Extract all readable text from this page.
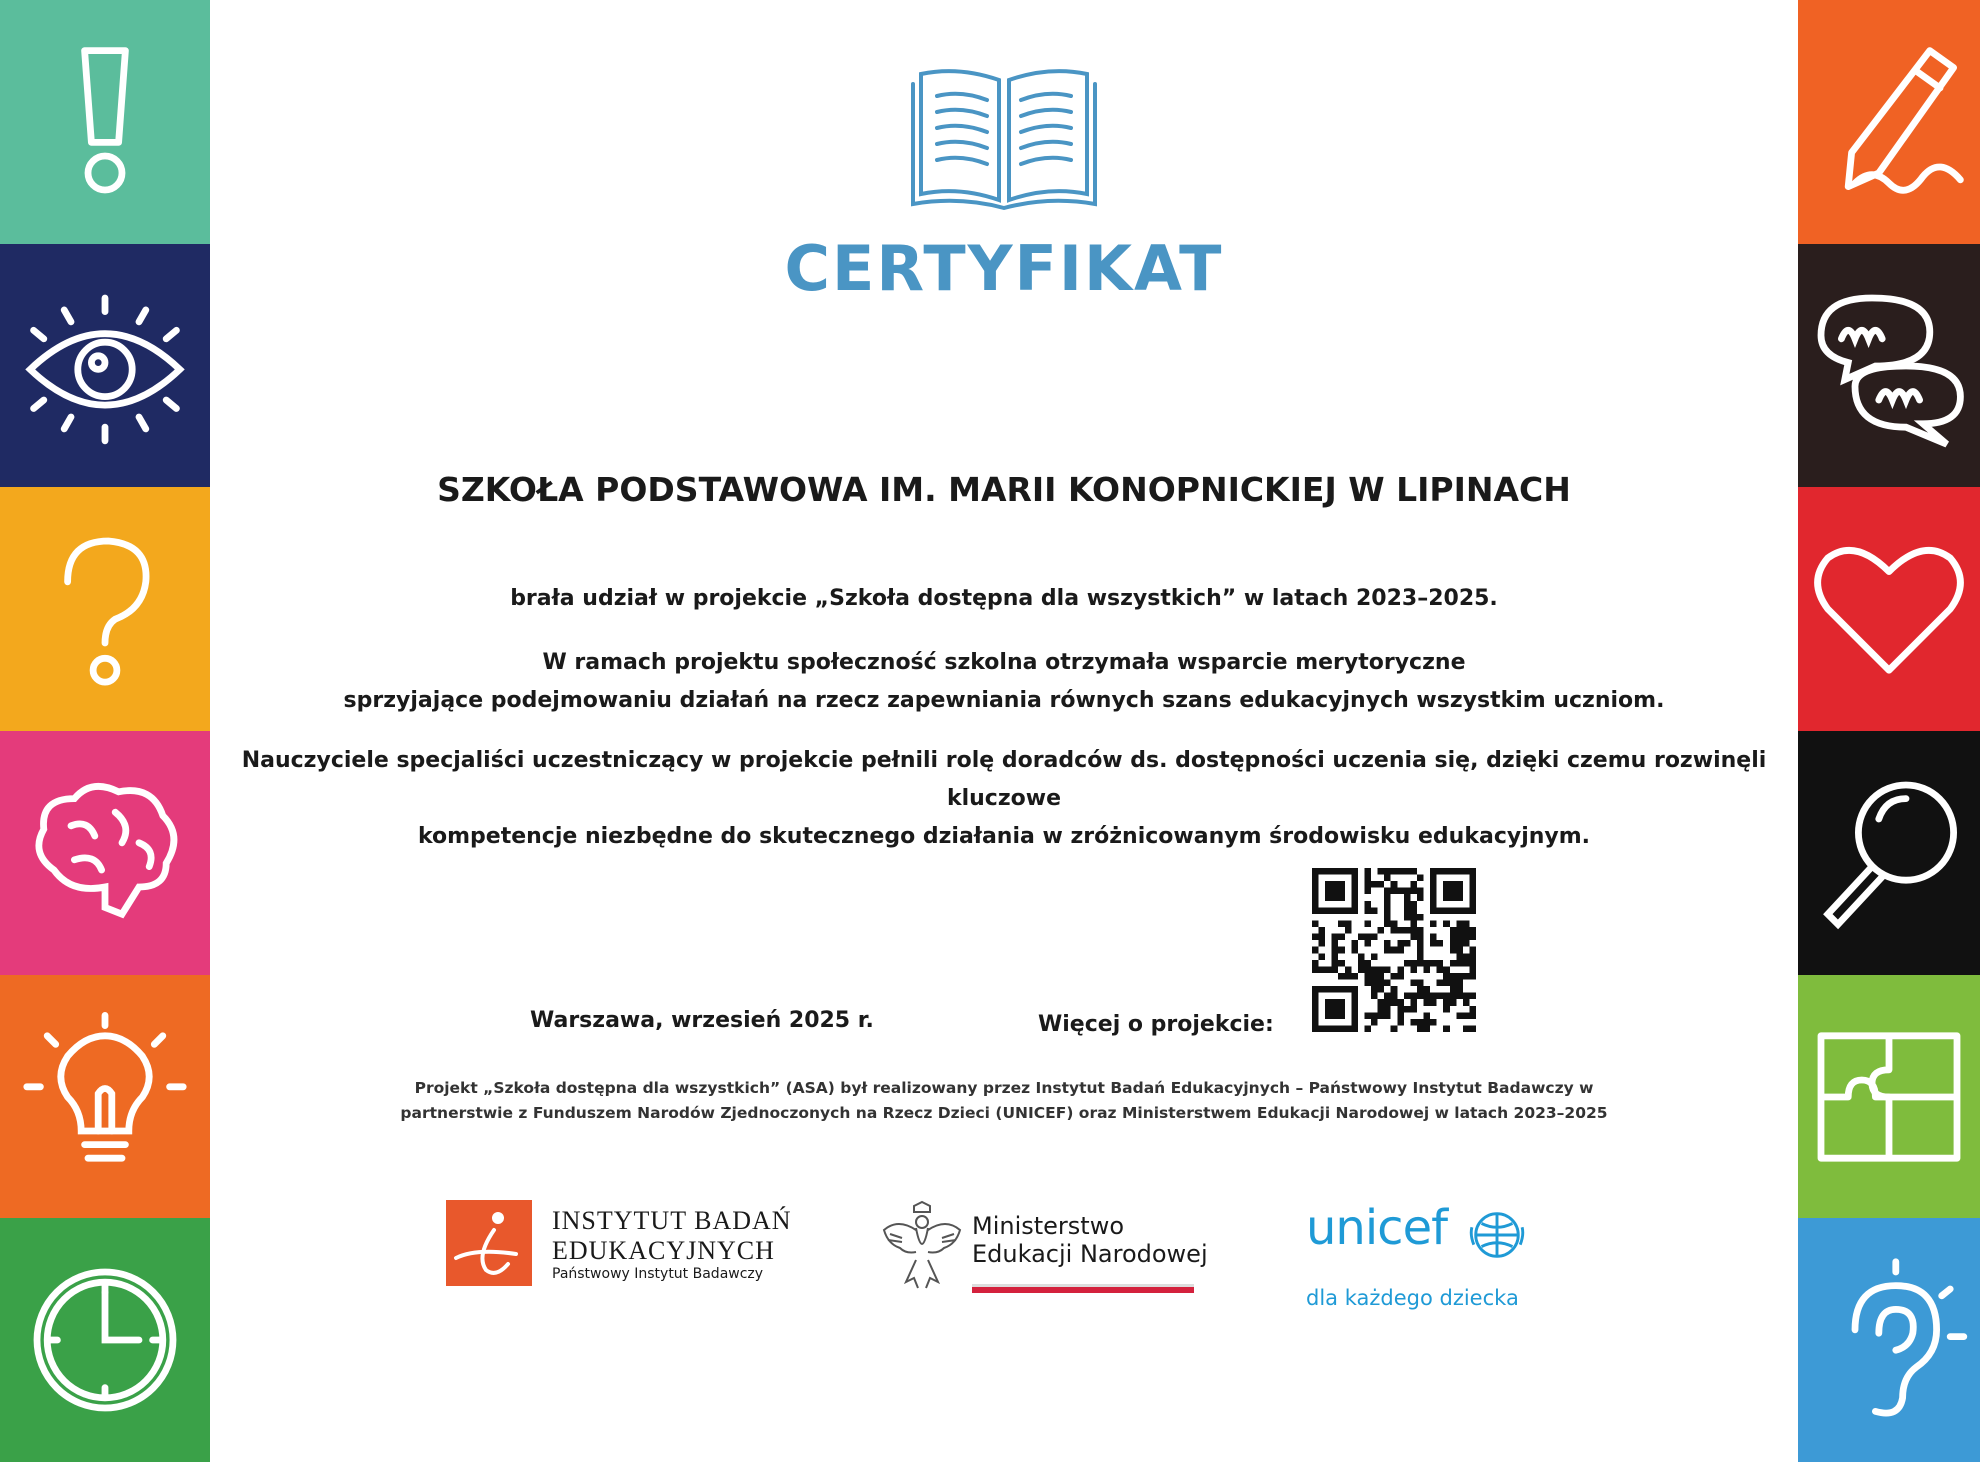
CERTYFIKAT
SZKOŁA PODSTAWOWA IM. MARII KONOPNICKIEJ W LIPINACH
brała udział w projekcie „Szkoła dostępna dla wszystkich” w latach 2023–2025.
W ramach projektu społeczność szkolna otrzymała wsparcie merytoryczne
sprzyjające podejmowaniu działań na rzecz zapewniania równych szans edukacyjnych wszystkim uczniom.
Nauczyciele specjaliści uczestniczący w projekcie pełnili rolę doradców ds. dostępności uczenia się, dzięki czemu rozwinęli kluczowe
kompetencje niezbędne do skutecznego działania w zróżnicowanym środowisku edukacyjnym.
Warszawa, wrzesień 2025 r.	Więcej o projekcie:
Projekt „Szkoła dostępna dla wszystkich” (ASA) był realizowany przez Instytut Badań Edukacyjnych – Państwowy Instytut Badawczy w
partnerstwie z Funduszem Narodów Zjednoczonych na Rzecz Dzieci (UNICEF) oraz Ministerstwem Edukacji Narodowej w latach 2023–2025
INSTYTUT BADAŃ
EDUKACYJNYCH
Państwowy Instytut Badawczy
Ministerstwo
Edukacji Narodowej unicef
dla każdego dziecka
